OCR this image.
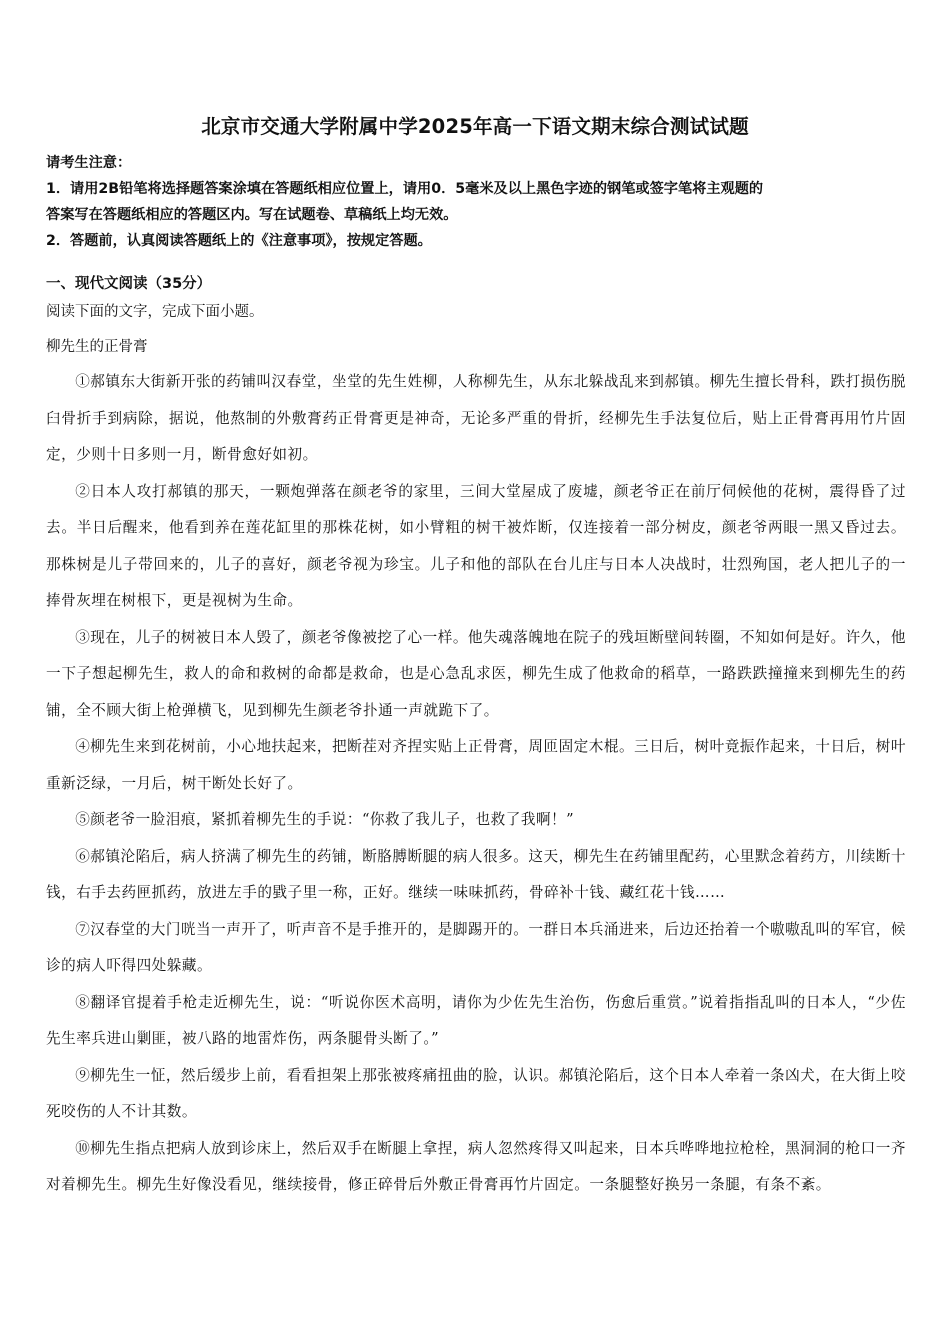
北京市交通大学附属中学2025年高一下语文期末综合测试试题
请考生注意：
1．请用2B铅笔将选择题答案涂填在答题纸相应位置上，请用0．5毫米及以上黑色字迹的钢笔或签字笔将主观题的
答案写在答题纸相应的答题区内。写在试题卷、草稿纸上均无效。
2．答题前，认真阅读答题纸上的《注意事项》，按规定答题。
一、现代文阅读（35分）
阅读下面的文字，完成下面小题。
柳先生的正骨膏

①郝镇东大街新开张的药铺叫汉春堂，坐堂的先生姓柳，人称柳先生，从东北躲战乱来到郝镇。柳先生擅长骨科，跌打损伤脱臼骨折手到病除，据说，他熬制的外敷膏药正骨膏更是神奇，无论多严重的骨折，经柳先生手法复位后，贴上正骨膏再用竹片固定，少则十日多则一月，断骨愈好如初。

②日本人攻打郝镇的那天，一颗炮弹落在颜老爷的家里，三间大堂屋成了废墟，颜老爷正在前厅伺候他的花树，震得昏了过去。半日后醒来，他看到养在莲花缸里的那株花树，如小臂粗的树干被炸断，仅连接着一部分树皮，颜老爷两眼一黑又昏过去。那株树是儿子带回来的，儿子的喜好，颜老爷视为珍宝。儿子和他的部队在台儿庄与日本人决战时，壮烈殉国，老人把儿子的一捧骨灰埋在树根下，更是视树为生命。

③现在，儿子的树被日本人毁了，颜老爷像被挖了心一样。他失魂落魄地在院子的残垣断壁间转圈，不知如何是好。许久，他一下子想起柳先生，救人的命和救树的命都是救命，也是心急乱求医，柳先生成了他救命的稻草，一路跌跌撞撞来到柳先生的药铺，全不顾大街上枪弹横飞，见到柳先生颜老爷扑通一声就跪下了。

④柳先生来到花树前，小心地扶起来，把断茬对齐捏实贴上正骨膏，周匝固定木棍。三日后，树叶竟振作起来，十日后，树叶重新泛绿，一月后，树干断处长好了。

⑤颜老爷一脸泪痕，紧抓着柳先生的手说：“你救了我儿子，也救了我啊！”

⑥郝镇沦陷后，病人挤满了柳先生的药铺，断胳膊断腿的病人很多。这天，柳先生在药铺里配药，心里默念着药方，川续断十钱，右手去药匣抓药，放进左手的戥子里一称，正好。继续一味味抓药，骨碎补十钱、藏红花十钱……

⑦汉春堂的大门咣当一声开了，听声音不是手推开的，是脚踢开的。一群日本兵涌进来，后边还抬着一个嗷嗷乱叫的军官，候诊的病人吓得四处躲藏。

⑧翻译官提着手枪走近柳先生，说：“听说你医术高明，请你为少佐先生治伤，伤愈后重赏。”说着指指乱叫的日本人，“少佐先生率兵进山剿匪，被八路的地雷炸伤，两条腿骨头断了。”

⑨柳先生一怔，然后缓步上前，看看担架上那张被疼痛扭曲的脸，认识。郝镇沦陷后，这个日本人牵着一条凶犬，在大街上咬死咬伤的人不计其数。

⑩柳先生指点把病人放到诊床上，然后双手在断腿上拿捏，病人忽然疼得又叫起来，日本兵哗哗地拉枪栓，黑洞洞的枪口一齐对着柳先生。柳先生好像没看见，继续接骨，修正碎骨后外敷正骨膏再竹片固定。一条腿整好换另一条腿，有条不紊。
